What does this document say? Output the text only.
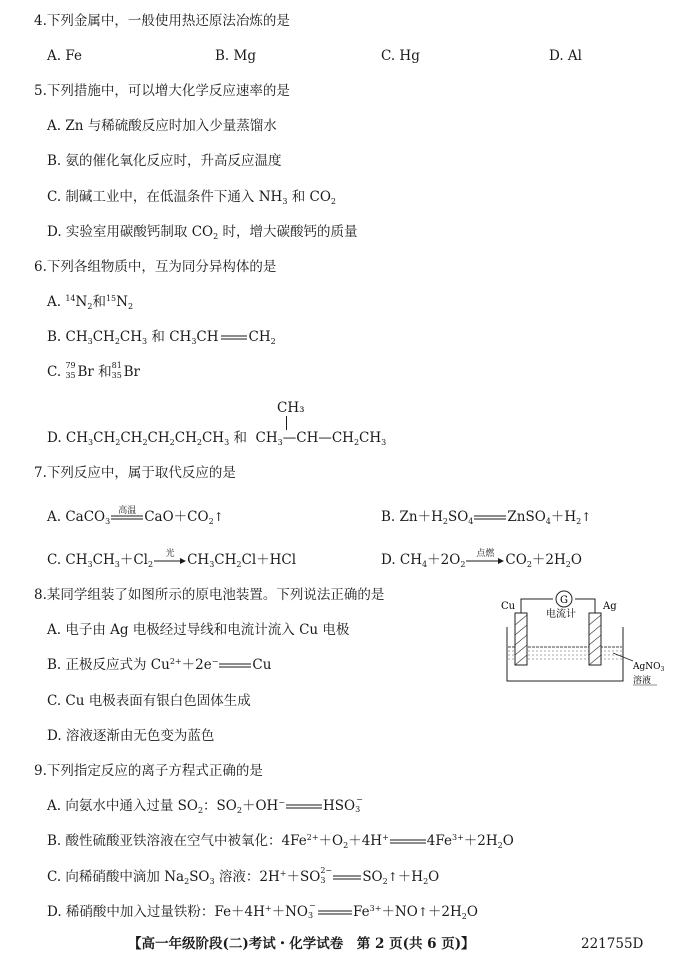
4.下列金属中，一般使用热还原法冶炼的是
A. Fe	B. Mg	C. Hg	D. Al
5.下列措施中，可以增大化学反应速率的是
A. Zn 与稀硫酸反应时加入少量蒸馏水
B. 氨的催化氧化反应时，升高反应温度
C. 制碱工业中，在低温条件下通入 $NH_3$ 和 $CO_2$
D. 实验室用碳酸钙制取 $CO_2$ 时，增大碳酸钙的质量
6.下列各组物质中，互为同分异构体的是
A. $^{14}N_2$和$^{15}N_2$
B. $CH_3CH_2CH_3$ 和 $CH_3CH$ $CH_2$
C. 79
35 Br 和 81
35 Br
CH₃
D. $CH_3CH_2CH_2CH_2CH_2CH_3$ 和  $CH_3—CH—CH_2CH_3$
7.下列反应中，属于取代反应的是
A. CaCO$_3$
高温 $CaO+CO_2↑$	B. $Zn+H_2SO_4$	$ZnSO_4+H_2↑$
C. $CH_3CH_3+Cl_2$
光 $CH_3CH_2Cl+HCl$	D. $CH_4+2O_2$
点燃 $CO_2+2H_2O$
8.某同学组装了如图所示的原电池装置。下列说法正确的是
A. 电子由 Ag 电极经过导线和电流计流入 Cu 电极
B. 正极反应式为 $Cu^{2+}+2e^-$	Cu
C. Cu 电极表面有银白色固体生成
D. 溶液逐渐由无色变为蓝色
G
电流计
Cu	Ag
AgNO$_3$
溶液
9.下列指定反应的离子方程式正确的是
A. 向氨水中通入过量 $SO_2$：$SO_2+OH^-$	HSO −
3
B. 酸性硫酸亚铁溶液在空气中被氧化：$4Fe^{2+}+O_2+4H^+$	$4Fe^{3+}+2H_2O$
C. 向稀硝酸中滴加 $Na_2SO_3$ 溶液：2H+＋SO 2−
3	$SO_2↑+H_2O$
D. 稀硝酸中加入过量铁粉：Fe＋4H+＋NO −
3	$Fe^{3+}+NO↑+2H_2O$
【高一年级阶段(二)考试・化学试卷　第 2 页(共 6 页)】	221755D
